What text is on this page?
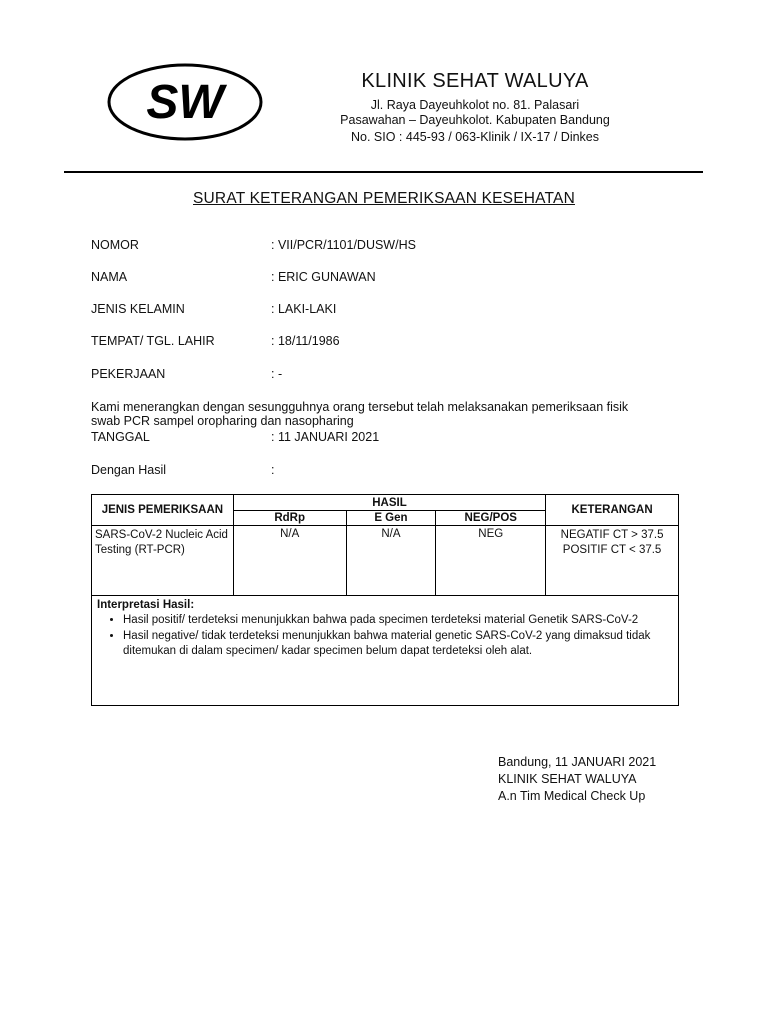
SW	KLINIK SEHAT WALUYA
Jl. Raya Dayeuhkolot no. 81. Palasari
Pasawahan – Dayeuhkolot. Kabupaten Bandung
No. SIO : 445-93 / 063-Klinik / IX-17 / Dinkes
SURAT KETERANGAN PEMERIKSAAN KESEHATAN
NOMOR	: VII/PCR/1101/DUSW/HS
NAMA	: ERIC GUNAWAN
JENIS KELAMIN	: LAKI-LAKI
TEMPAT/ TGL. LAHIR	: 18/11/1986
PEKERJAAN	: -
Kami menerangkan dengan sesungguhnya orang tersebut telah melaksanakan pemeriksaan fisik
swab PCR sampel oropharing dan nasopharing
TANGGAL	: 11 JANUARI 2021
Dengan Hasil	:
JENIS PEMERIKSAAN	HASIL			KETERANGAN
	RdRp	E Gen	NEG/POS	
SARS-CoV-2 Nucleic Acid Testing (RT-PCR)	N/A	N/A	NEG	NEGATIF CT > 37.5
POSITIF CT < 37.5

Interpretasi Hasil:
• Hasil positif/ terdeteksi menunjukkan bahwa pada specimen terdeteksi material Genetik SARS-CoV-2
• Hasil negative/ tidak terdeteksi menunjukkan bahwa material genetic SARS-CoV-2 yang dimaksud tidak ditemukan di dalam specimen/ kadar specimen belum dapat terdeteksi oleh alat.
Bandung, 11 JANUARI 2021
KLINIK SEHAT WALUYA
A.n Tim Medical Check Up
